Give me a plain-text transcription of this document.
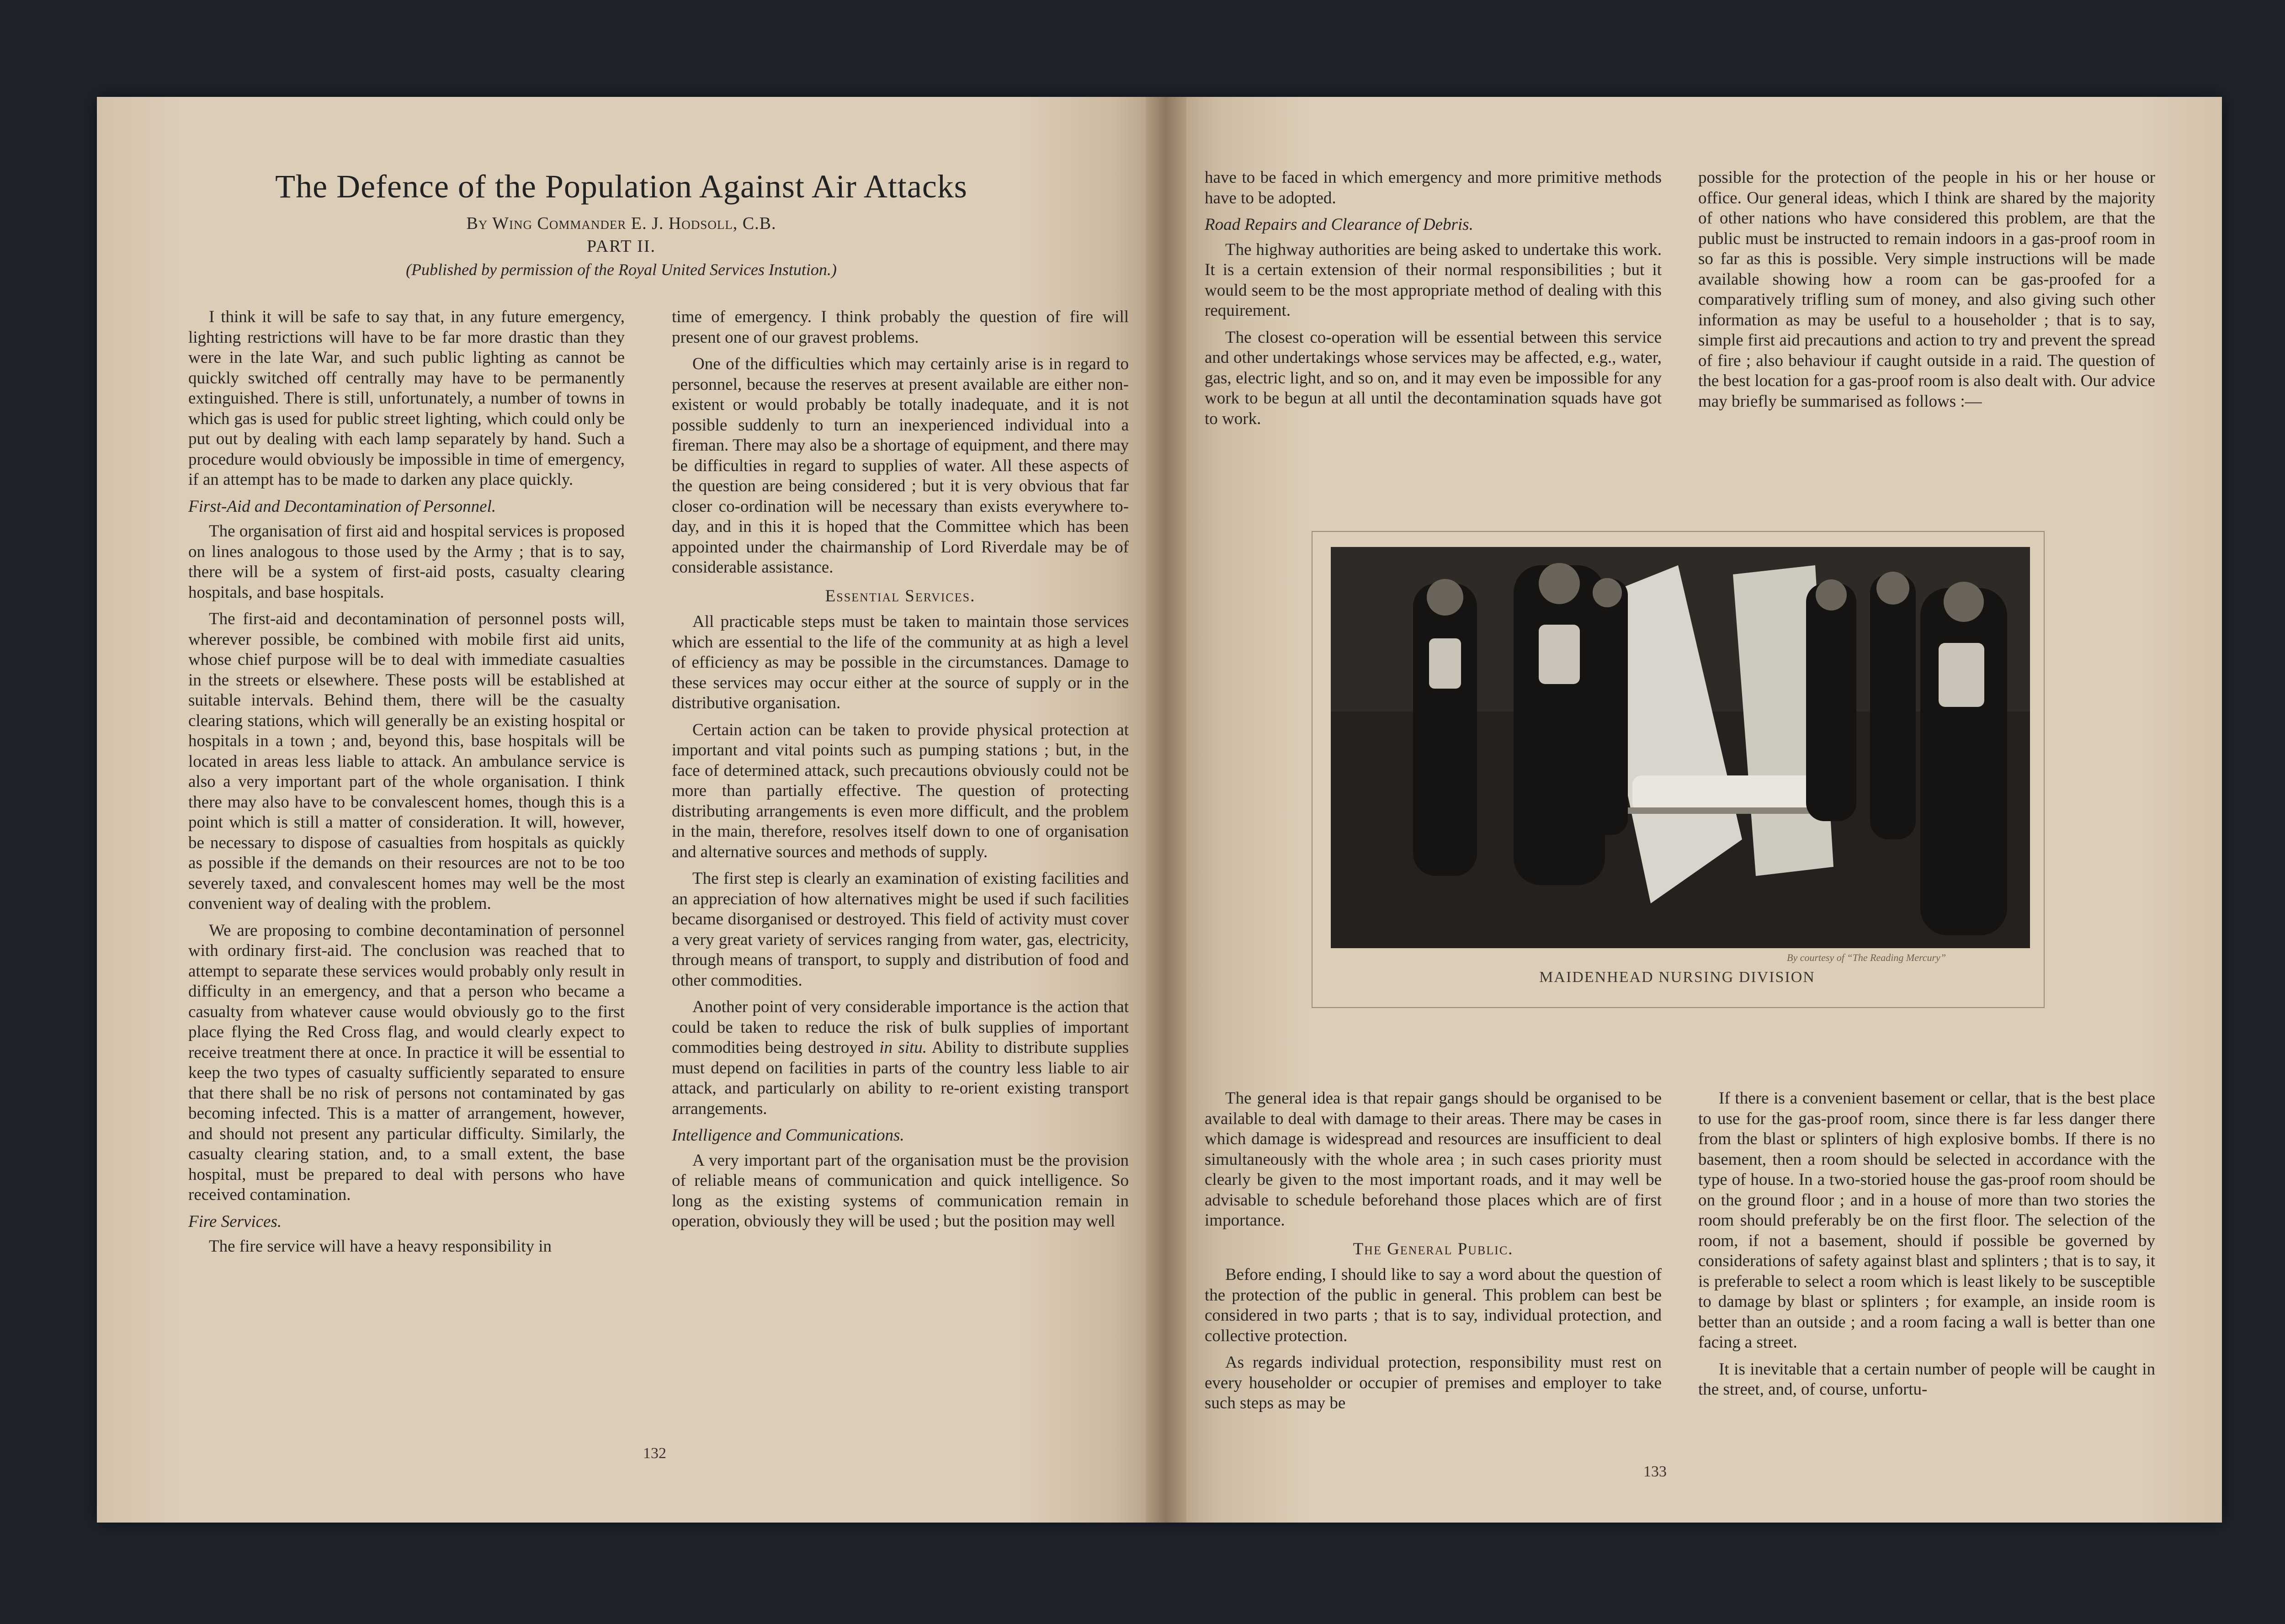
The Defence of the Population Against Air Attacks
By Wing Commander E. J. Hodsoll, C.B.
PART II.
(Published by permission of the Royal United Services Instution.)

I think it will be safe to say that, in any future emergency, lighting restrictions will have to be far more drastic than they were in the late War, and such public lighting as cannot be quickly switched off centrally may have to be permanently extinguished. There is still, unfortunately, a number of towns in which gas is used for public street lighting, which could only be put out by dealing with each lamp separately by hand. Such a procedure would obviously be impossible in time of emergency, if an attempt has to be made to darken any place quickly.

First-Aid and Decontamination of Personnel.

The organisation of first aid and hospital services is proposed on lines analogous to those used by the Army ; that is to say, there will be a system of first-aid posts, casualty clearing hospitals, and base hospitals.

The first-aid and decontamination of personnel posts will, wherever possible, be combined with mobile first aid units, whose chief purpose will be to deal with immediate casualties in the streets or elsewhere. These posts will be established at suitable intervals. Behind them, there will be the casualty clearing stations, which will generally be an existing hospital or hospitals in a town ; and, beyond this, base hospitals will be located in areas less liable to attack. An ambulance service is also a very important part of the whole organisation. I think there may also have to be convalescent homes, though this is a point which is still a matter of consideration. It will, however, be necessary to dispose of casualties from hospitals as quickly as possible if the demands on their resources are not to be too severely taxed, and convalescent homes may well be the most convenient way of dealing with the problem.

We are proposing to combine decontamination of personnel with ordinary first-aid. The conclusion was reached that to attempt to separate these services would probably only result in difficulty in an emergency, and that a person who became a casualty from whatever cause would obviously go to the first place flying the Red Cross flag, and would clearly expect to receive treatment there at once. In practice it will be essential to keep the two types of casualty sufficiently separated to ensure that there shall be no risk of persons not contaminated by gas becoming infected. This is a matter of arrangement, however, and should not present any particular difficulty. Similarly, the casualty clearing station, and, to a small extent, the base hospital, must be prepared to deal with persons who have received contamination.

Fire Services.

The fire service will have a heavy responsibility in

time of emergency. I think probably the question of fire will present one of our gravest problems.

One of the difficulties which may certainly arise is in regard to personnel, because the reserves at present available are either non-existent or would probably be totally inadequate, and it is not possible suddenly to turn an inexperienced individual into a fireman. There may also be a shortage of equipment, and there may be difficulties in regard to supplies of water. All these aspects of the question are being considered ; but it is very obvious that far closer co-ordination will be necessary than exists everywhere to-day, and in this it is hoped that the Committee which has been appointed under the chairmanship of Lord Riverdale may be of considerable assistance.

Essential Services.

All practicable steps must be taken to maintain those services which are essential to the life of the community at as high a level of efficiency as may be possible in the circumstances. Damage to these services may occur either at the source of supply or in the distributive organisation.

Certain action can be taken to provide physical protection at important and vital points such as pumping stations ; but, in the face of determined attack, such precautions obviously could not be more than partially effective. The question of protecting distributing arrangements is even more difficult, and the problem in the main, therefore, resolves itself down to one of organisation and alternative sources and methods of supply.

The first step is clearly an examination of existing facilities and an appreciation of how alternatives might be used if such facilities became disorganised or destroyed. This field of activity must cover a very great variety of services ranging from water, gas, electricity, through means of transport, to supply and distribution of food and other commodities.

Another point of very considerable importance is the action that could be taken to reduce the risk of bulk supplies of important commodities being destroyed in situ. Ability to distribute supplies must depend on facilities in parts of the country less liable to air attack, and particularly on ability to re-orient existing transport arrangements.

Intelligence and Communications.

A very important part of the organisation must be the provision of reliable means of communication and quick intelligence. So long as the existing systems of communication remain in operation, obviously they will be used ; but the position may well

132

have to be faced in which emergency and more primitive methods have to be adopted.

Road Repairs and Clearance of Debris.

The highway authorities are being asked to undertake this work. It is a certain extension of their normal responsibilities ; but it would seem to be the most appropriate method of dealing with this requirement.

The closest co-operation will be essential between this service and other undertakings whose services may be affected, e.g., water, gas, electric light, and so on, and it may even be impossible for any work to be begun at all until the decontamination squads have got to work.

possible for the protection of the people in his or her house or office. Our general ideas, which I think are shared by the majority of other nations who have considered this problem, are that the public must be instructed to remain indoors in a gas-proof room in so far as this is possible. Very simple instructions will be made available showing how a room can be gas-proofed for a comparatively trifling sum of money, and also giving such other information as may be useful to a householder ; that is to say, simple first aid precautions and action to try and prevent the spread of fire ; also behaviour if caught outside in a raid. The question of the best location for a gas-proof room is also dealt with. Our advice may briefly be summarised as follows :—

The general idea is that repair gangs should be organised to be available to deal with damage to their areas. There may be cases in which damage is widespread and resources are insufficient to deal simultaneously with the whole area ; in such cases priority must clearly be given to the most important roads, and it may well be advisable to schedule beforehand those places which are of first importance.

The General Public.

Before ending, I should like to say a word about the question of the protection of the public in general. This problem can best be considered in two parts ; that is to say, individual protection, and collective protection.

As regards individual protection, responsibility must rest on every householder or occupier of premises and employer to take such steps as may be

If there is a convenient basement or cellar, that is the best place to use for the gas-proof room, since there is far less danger there from the blast or splinters of high explosive bombs. If there is no basement, then a room should be selected in accordance with the type of house. In a two-storied house the gas-proof room should be on the ground floor ; and in a house of more than two stories the room should preferably be on the first floor. The selection of the room, if not a basement, should if possible be governed by considerations of safety against blast and splinters ; that is to say, it is preferable to select a room which is least likely to be susceptible to damage by blast or splinters ; for example, an inside room is better than an outside ; and a room facing a wall is better than one facing a street.

It is inevitable that a certain number of people will be caught in the street, and, of course, unfortu-

133
By courtesy of “The Reading Mercury”
MAIDENHEAD NURSING DIVISION
